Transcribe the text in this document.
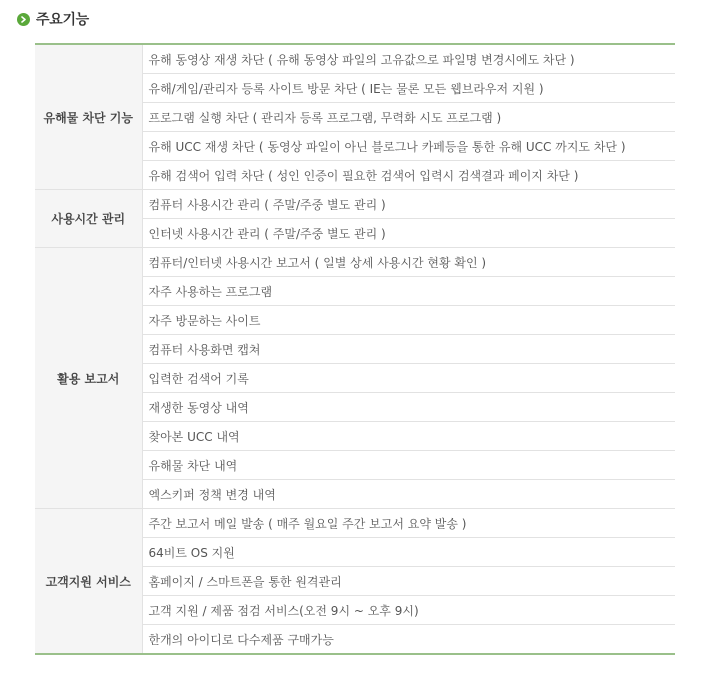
주요기능
유해물 차단 기능	유해 동영상 재생 차단 ( 유해 동영상 파일의 고유값으로 파일명 변경시에도 차단 )
	유해/게임/관리자 등록 사이트 방문 차단 ( IE는 물론 모든 웹브라우저 지원 )
	프로그램 실행 차단 ( 관리자 등록 프로그램, 무력화 시도 프로그램 )
	유해 UCC 재생 차단 ( 동영상 파일이 아닌 블로그나 카페등을 통한 유해 UCC 까지도 차단 )
	유해 검색어 입력 차단 ( 성인 인증이 필요한 검색어 입력시 검색결과 페이지 차단 )
사용시간 관리	컴퓨터 사용시간 관리 ( 주말/주중 별도 관리 )
	인터넷 사용시간 관리 ( 주말/주중 별도 관리 )
활용 보고서	컴퓨터/인터넷 사용시간 보고서 ( 일별 상세 사용시간 현황 확인 )
	자주 사용하는 프로그램
	자주 방문하는 사이트
	컴퓨터 사용화면 캡쳐
	입력한 검색어 기록
	재생한 동영상 내역
	찾아본 UCC 내역
	유해물 차단 내역
	엑스키퍼 정책 변경 내역
고객지원 서비스	주간 보고서 메일 발송 ( 매주 월요일 주간 보고서 요약 발송 )
	64비트 OS 지원
	홈페이지 / 스마트폰을 통한 원격관리
	고객 지원 / 제품 점검 서비스(오전 9시 ~ 오후 9시)
	한개의 아이디로 다수제품 구매가능
